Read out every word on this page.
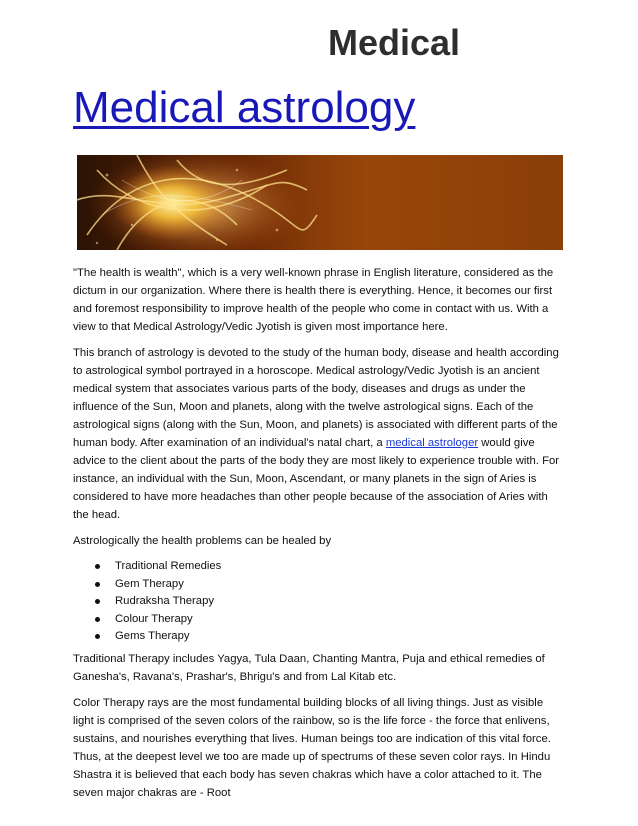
Medical astrology
Medical
Astrology

"The health is wealth", which is a very well-known phrase in English literature, considered as the dictum in our organization. Where there is health there is everything. Hence, it becomes our first and foremost responsibility to improve health of the people who come in contact with us. With a view to that Medical Astrology/Vedic Jyotish is given most importance here.

This branch of astrology is devoted to the study of the human body, disease and health according to astrological symbol portrayed in a horoscope. Medical astrology/Vedic Jyotish is an ancient medical system that associates various parts of the body, diseases and drugs as under the influence of the Sun, Moon and planets, along with the twelve astrological signs. Each of the astrological signs (along with the Sun, Moon, and planets) is associated with different parts of the human body. After examination of an individual's natal chart, a medical astrologer would give advice to the client about the parts of the body they are most likely to experience trouble with. For instance, an individual with the Sun, Moon, Ascendant, or many planets in the sign of Aries is considered to have more headaches than other people because of the association of Aries with the head.

Astrologically the health problems can be healed by

Traditional Remedies
Gem Therapy
Rudraksha Therapy
Colour Therapy
Gems Therapy

Traditional Therapy includes Yagya, Tula Daan, Chanting Mantra, Puja and ethical remedies of Ganesha's, Ravana's, Prashar's, Bhrigu's and from Lal Kitab etc.

Color Therapy rays are the most fundamental building blocks of all living things. Just as visible light is comprised of the seven colors of the rainbow, so is the life force - the force that enlivens, sustains, and nourishes everything that lives. Human beings too are indication of this vital force. Thus, at the deepest level we too are made up of spectrums of these seven color rays. In Hindu Shastra it is believed that each body has seven chakras which have a color attached to it. The seven major chakras are - Root
